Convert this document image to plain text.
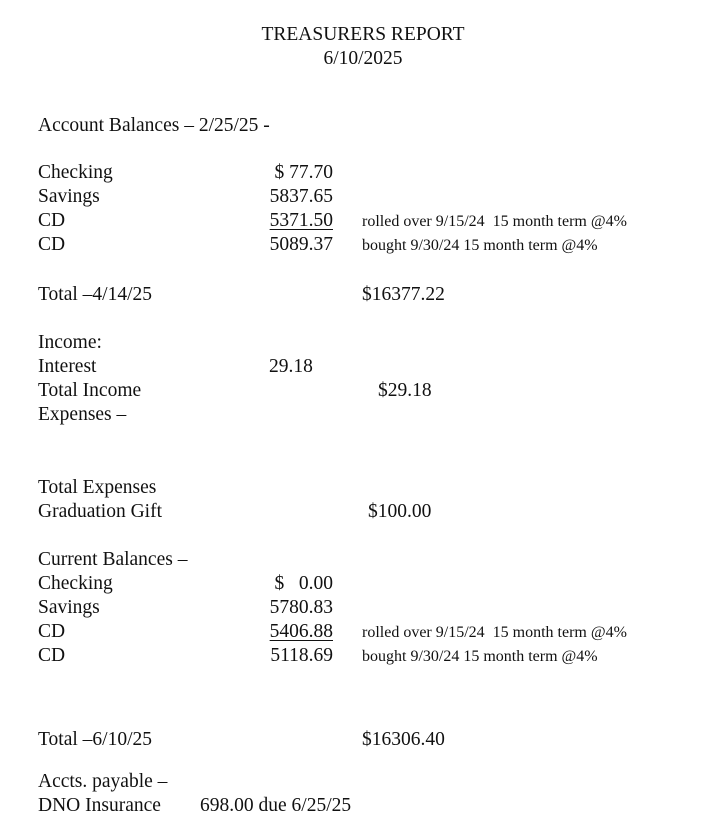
TREASURERS REPORT
6/10/2025
Account Balances – 2/25/25 -
Checking	$ 77.70
Savings	5837.65
CD	5371.50 rolled over 9/15/24  15 month term @4%
CD	5089.37 bought 9/30/24 15 month term @4%
Total –4/14/25	$16377.22
Income:
Interest	29.18
Total Income	$29.18
Expenses –
Total Expenses
Graduation Gift	$100.00
Current Balances –
Checking	$   0.00
Savings	5780.83
CD	5406.88 rolled over 9/15/24  15 month term @4%
CD	5118.69 bought 9/30/24 15 month term @4%
Total –6/10/25	$16306.40
Accts. payable –
DNO Insurance 698.00 due 6/25/25
